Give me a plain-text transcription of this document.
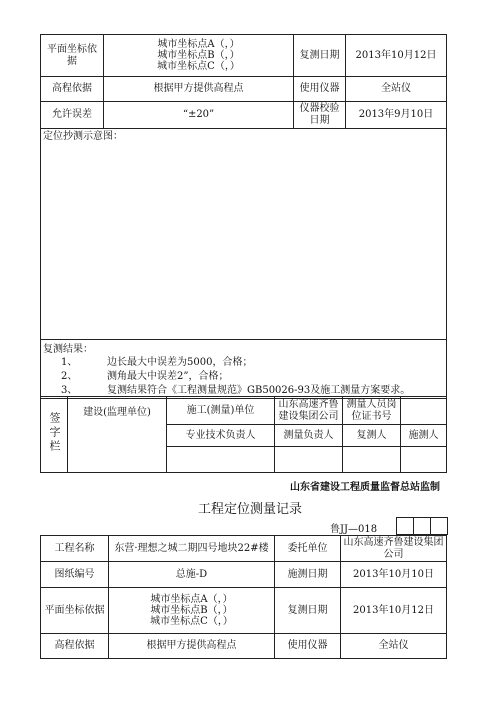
平面坐标依据	城市坐标点A（，）
城市坐标点B（，）
城市坐标点C（，）	复测日期	2013年10月12日
高程依据	根据甲方提供高程点	使用仪器	全站仪
允许误差	“±20”	仪器校验日期	2013年9月10日
定位抄测示意图：			

复测结果：
1、 边长最大中误差为5000，合格；
2、 测角最大中误差2”，合格；
3、 复测结果符合《工程测量规范》GB50026-93及施工测量方案要求。			
签字栏	建设(监理单位)	施工(测量)单位	山东高速齐鲁建设集团公司	测量人员岗位证书号	
		专业技术负责人	测量负责人	复测人	施测人

山东省建设工程质量监督总站监制
工程定位测量记录
鲁JJ—018
工程名称	东营·理想之城二期四号地块22#楼	委托单位	山东高速齐鲁建设集团公司
图纸编号	总施-D	施测日期	2013年10月10日
平面坐标依据	城市坐标点A（，）
城市坐标点B（，）
城市坐标点C（，）	复测日期	2013年10月12日
高程依据	根据甲方提供高程点	使用仪器	全站仪
